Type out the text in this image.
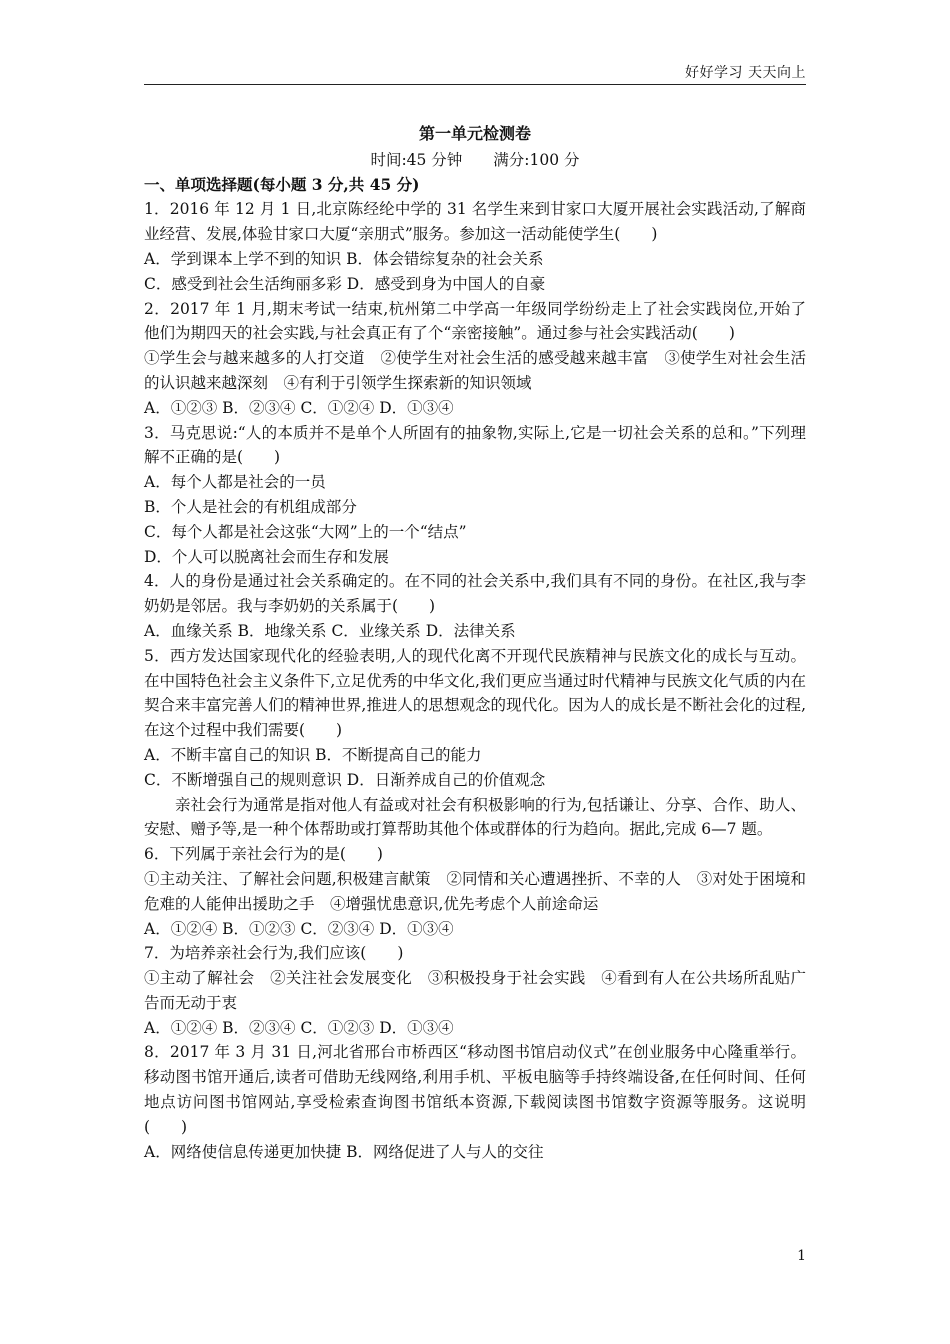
好好学习 天天向上
第一单元检测卷
时间:45 分钟　　满分:100 分
一、单项选择题(每小题 3 分,共 45 分)
1．2016 年 12 月 1 日,北京陈经纶中学的 31 名学生来到甘家口大厦开展社会实践活动,了解商业经营、发展,体验甘家口大厦“亲朋式”服务。参加这一活动能使学生(　　)
A．学到课本上学不到的知识 B．体会错综复杂的社会关系
C．感受到社会生活绚丽多彩 D．感受到身为中国人的自豪
2．2017 年 1 月,期末考试一结束,杭州第二中学高一年级同学纷纷走上了社会实践岗位,开始了他们为期四天的社会实践,与社会真正有了个“亲密接触”。通过参与社会实践活动(　　)
①学生会与越来越多的人打交道　②使学生对社会生活的感受越来越丰富　③使学生对社会生活的认识越来越深刻　④有利于引领学生探索新的知识领域
A．①②③ B．②③④ C．①②④ D．①③④
3．马克思说:“人的本质并不是单个人所固有的抽象物,实际上,它是一切社会关系的总和。”下列理解不正确的是(　　)
A．每个人都是社会的一员
B．个人是社会的有机组成部分
C．每个人都是社会这张“大网”上的一个“结点”
D．个人可以脱离社会而生存和发展
4．人的身份是通过社会关系确定的。在不同的社会关系中,我们具有不同的身份。在社区,我与李奶奶是邻居。我与李奶奶的关系属于(　　)
A．血缘关系 B．地缘关系 C．业缘关系 D．法律关系
5．西方发达国家现代化的经验表明,人的现代化离不开现代民族精神与民族文化的成长与互动。在中国特色社会主义条件下,立足优秀的中华文化,我们更应当通过时代精神与民族文化气质的内在契合来丰富完善人们的精神世界,推进人的思想观念的现代化。因为人的成长是不断社会化的过程,在这个过程中我们需要(　　)
A．不断丰富自己的知识 B．不断提高自己的能力
C．不断增强自己的规则意识 D．日渐养成自己的价值观念
亲社会行为通常是指对他人有益或对社会有积极影响的行为,包括谦让、分享、合作、助人、安慰、赠予等,是一种个体帮助或打算帮助其他个体或群体的行为趋向。据此,完成 6—7 题。
6．下列属于亲社会行为的是(　　)
①主动关注、了解社会问题,积极建言献策　②同情和关心遭遇挫折、不幸的人　③对处于困境和危难的人能伸出援助之手　④增强忧患意识,优先考虑个人前途命运
A．①②④ B．①②③ C．②③④ D．①③④
7．为培养亲社会行为,我们应该(　　)
①主动了解社会　②关注社会发展变化　③积极投身于社会实践　④看到有人在公共场所乱贴广告而无动于衷
A．①②④ B．②③④ C．①②③ D．①③④
8．2017 年 3 月 31 日,河北省邢台市桥西区“移动图书馆启动仪式”在创业服务中心隆重举行。移动图书馆开通后,读者可借助无线网络,利用手机、平板电脑等手持终端设备,在任何时间、任何地点访问图书馆网站,享受检索查询图书馆纸本资源,下载阅读图书馆数字资源等服务。这说明(　　)
A．网络使信息传递更加快捷 B．网络促进了人与人的交往
1
